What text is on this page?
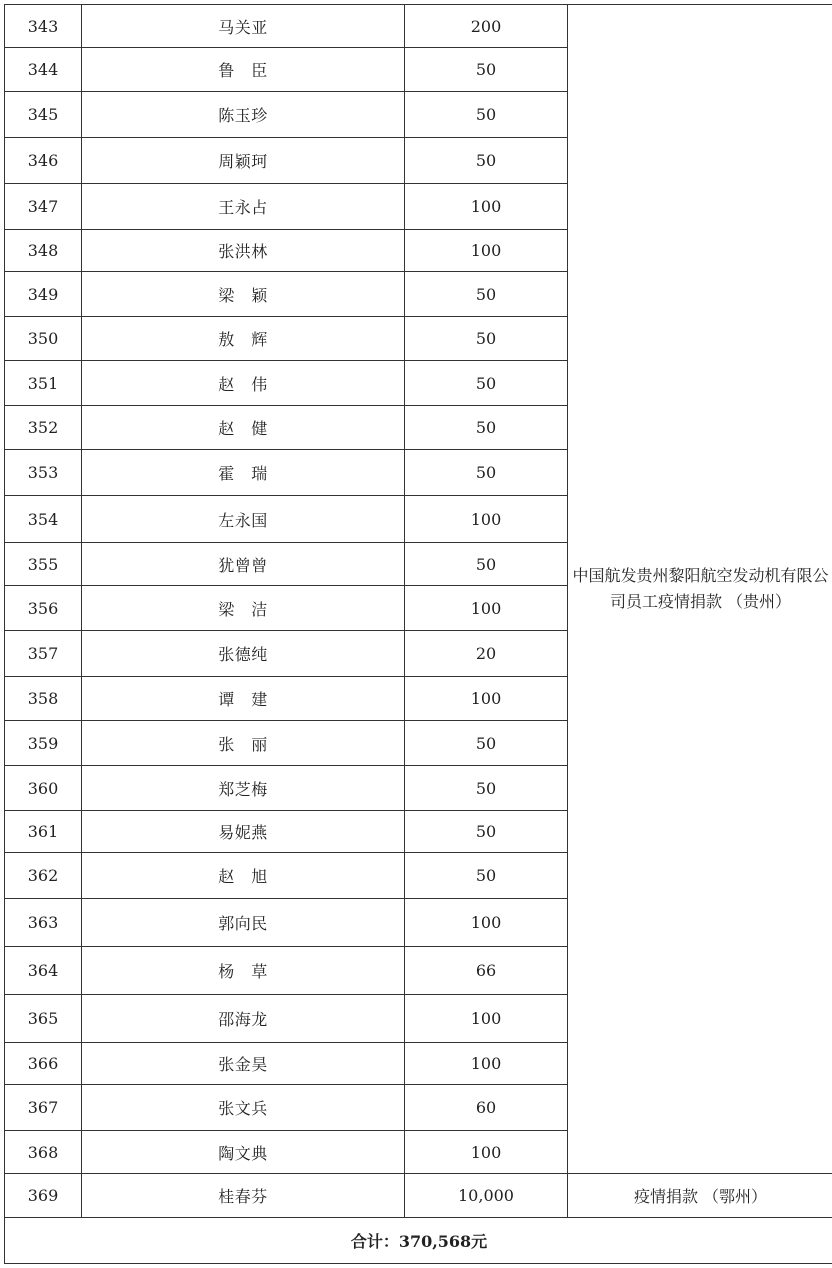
343	马关亚	200	中国航发贵州黎阳航空发动机有限公司员工疫情捐款 （贵州）
344	鲁　臣	50	
345	陈玉珍	50	
346	周颖珂	50	
347	王永占	100	
348	张洪林	100	
349	梁　颖	50	
350	敖　辉	50	
351	赵　伟	50	
352	赵　健	50	
353	霍　瑞	50	
354	左永国	100	
355	犹曾曾	50	
356	梁　洁	100	
357	张德纯	20	
358	谭　建	100	
359	张　丽	50	
360	郑芝梅	50	
361	易妮燕	50	
362	赵　旭	50	
363	郭向民	100	
364	杨　草	66	
365	邵海龙	100	
366	张金昊	100	
367	张文兵	60	
368	陶文典	100	
369	桂春芬	10,000	疫情捐款 （鄂州）
合计：370,568元			
